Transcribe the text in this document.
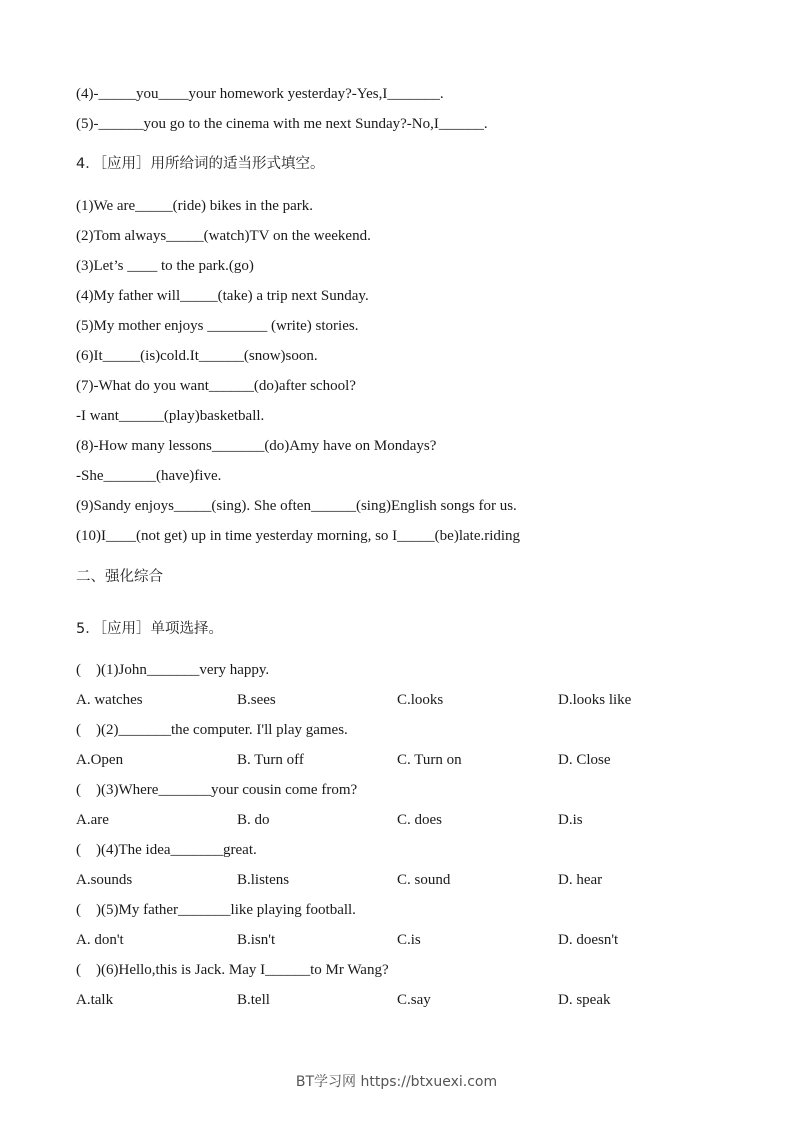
(4)-_____you____your homework yesterday?-Yes,I_______.
(5)-______you go to the cinema with me next Sunday?-No,I______.
4．［应用］用所给词的适当形式填空。
(1)We are_____(ride) bikes in the park.
(2)Tom always_____(watch)TV on the weekend.
(3)Let’s ____ to the park.(go)
(4)My father will_____(take) a trip next Sunday.
(5)My mother enjoys ________ (write) stories.
(6)It_____(is)cold.It______(snow)soon.
(7)-What do you want______(do)after school?
-I want______(play)basketball.
(8)-How many lessons_______(do)Amy have on Mondays?
-She_______(have)five.
(9)Sandy enjoys_____(sing). She often______(sing)English songs for us.
(10)I____(not get) up in time yesterday morning, so I_____(be)late.riding
二、强化综合
5．［应用］单项选择。
(    )(1)John_______very happy.
A. watches	B.sees	C.looks	D.looks like
(    )(2)_______the computer. I'll play games.
A.Open	B. Turn off	C. Turn on	D. Close
(    )(3)Where_______your cousin come from?
A.are	B. do	C. does	D.is
(    )(4)The idea_______great.
A.sounds	B.listens	C. sound	D. hear
(    )(5)My father_______like playing football.
A. don't	B.isn't	C.is	D. doesn't
(    )(6)Hello,this is Jack. May I______to Mr Wang?
A.talk	B.tell	C.say	D. speak
BT学习网 https://btxuexi.com
